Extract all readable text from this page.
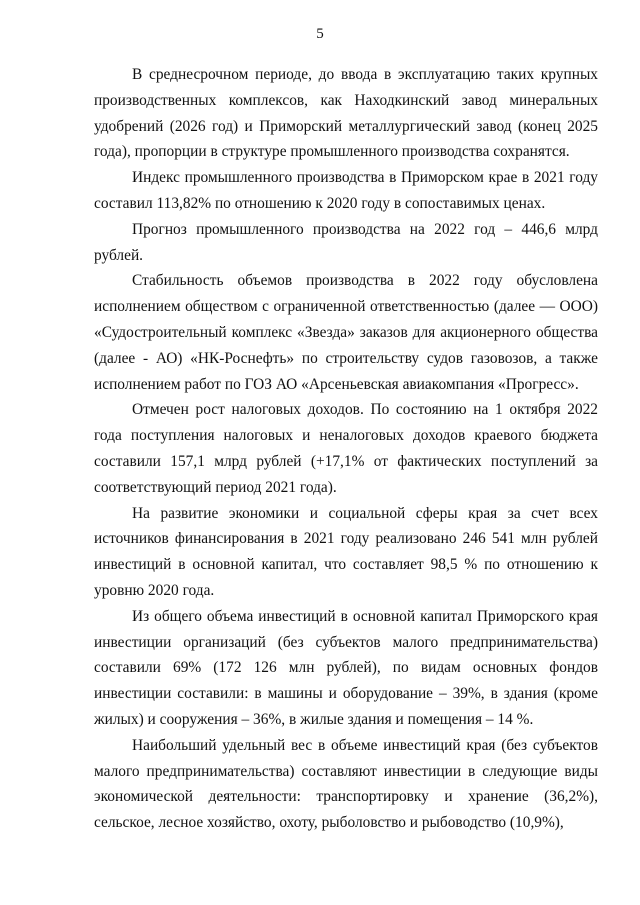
5

В среднесрочном периоде, до ввода в эксплуатацию таких крупных производственных комплексов, как Находкинский завод минеральных удобрений (2026 год) и Приморский металлургический завод (конец 2025 года), пропорции в структуре промышленного производства сохранятся.

Индекс промышленного производства в Приморском крае в 2021 году составил 113,82% по отношению к 2020 году в сопоставимых ценах.

Прогноз промышленного производства на 2022 год – 446,6 млрд рублей.

Стабильность объемов производства в 2022 году обусловлена исполнением обществом с ограниченной ответственностью (далее — ООО) «Судостроительный комплекс «Звезда» заказов для акционерного общества (далее - АО) «НК-Роснефть» по строительству судов газовозов, а также исполнением работ по ГОЗ АО «Арсеньевская авиакомпания «Прогресс».

Отмечен рост налоговых доходов. По состоянию на 1 октября 2022 года поступления налоговых и неналоговых доходов краевого бюджета составили 157,1 млрд рублей (+17,1% от фактических поступлений за соответствующий период 2021 года).

На развитие экономики и социальной сферы края за счет всех источников финансирования в 2021 году реализовано 246 541 млн рублей инвестиций в основной капитал, что составляет 98,5 % по отношению к уровню 2020 года.

Из общего объема инвестиций в основной капитал Приморского края инвестиции организаций (без субъектов малого предпринимательства) составили 69% (172 126 млн рублей), по видам основных фондов инвестиции составили: в машины и оборудование – 39%, в здания (кроме жилых) и сооружения – 36%, в жилые здания и помещения – 14 %.

Наибольший удельный вес в объеме инвестиций края (без субъектов малого предпринимательства) составляют инвестиции в следующие виды экономической деятельности: транспортировку и хранение (36,2%), сельское, лесное хозяйство, охоту, рыболовство и рыбоводство (10,9%),
